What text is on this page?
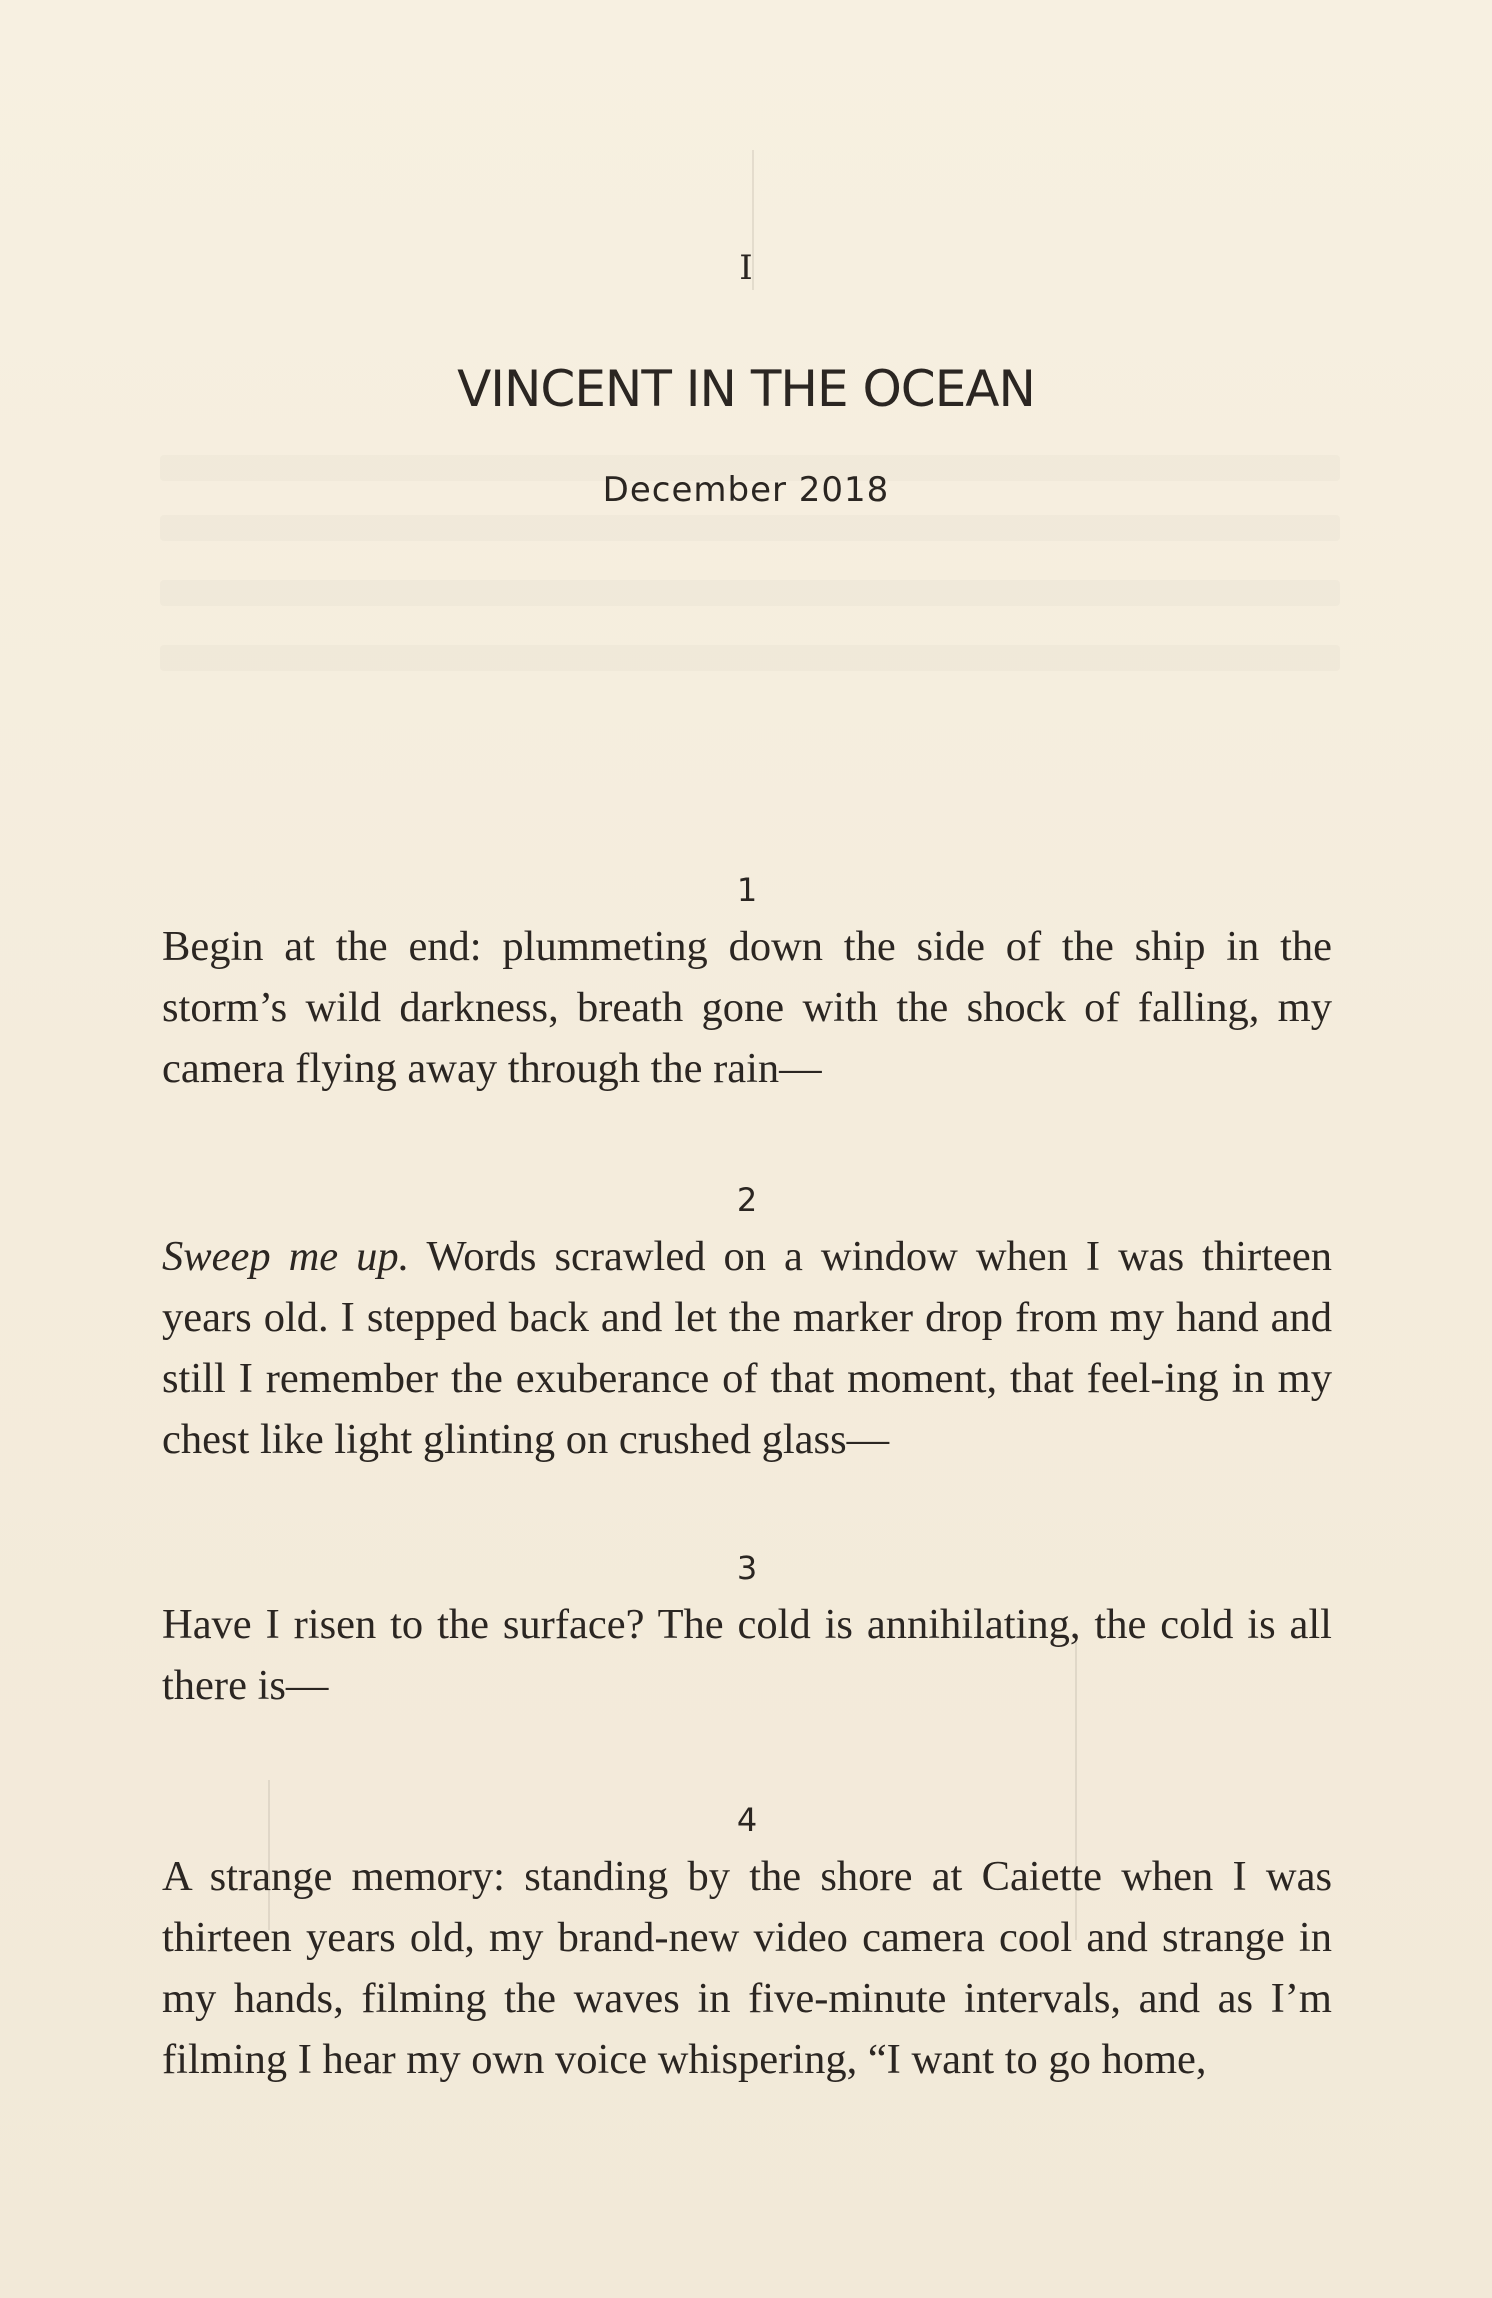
I
VINCENT IN THE OCEAN
December 2018
1

Begin at the end: plummeting down the side of the ship in the storm’s wild darkness, breath gone with the shock of falling, my camera flying away through the rain—

2

Sweep me up. Words scrawled on a window when I was thirteen years old. I stepped back and let the marker drop from my hand and still I remember the exuberance of that moment, that feel-ing in my chest like light glinting on crushed glass—

3

Have I risen to the surface? The cold is annihilating, the cold is all there is—

4

A strange memory: standing by the shore at Caiette when I was thirteen years old, my brand-new video camera cool and strange in my hands, filming the waves in five-minute intervals, and as I’m filming I hear my own voice whispering, “I want to go home,
